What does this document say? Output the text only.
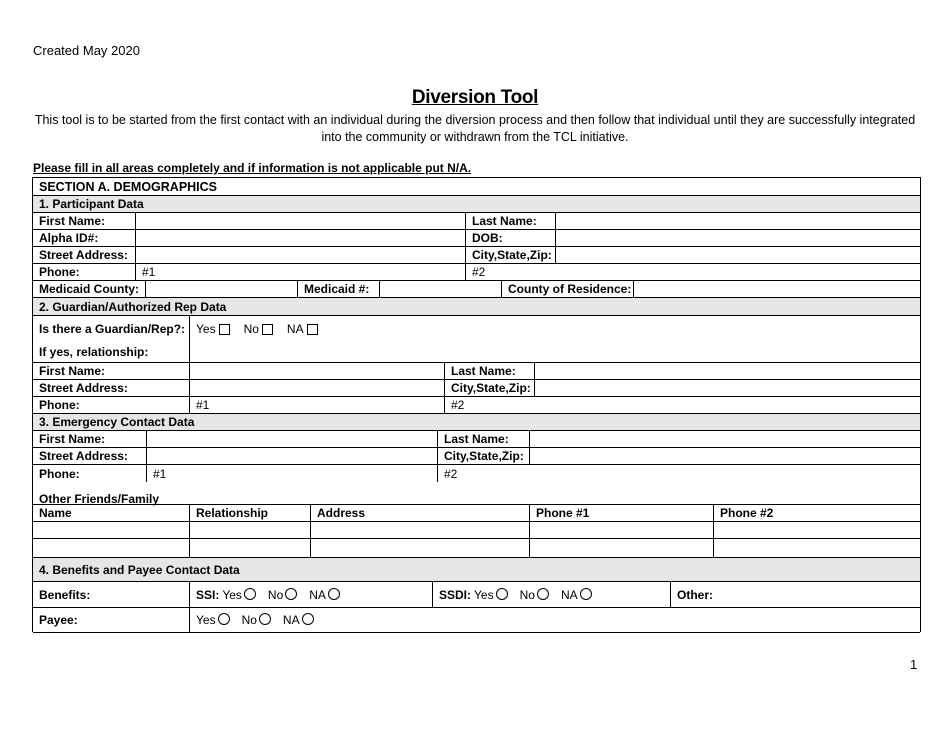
Created May 2020
Diversion Tool
This tool is to be started from the first contact with an individual during the diversion process and then follow that individual until they are successfully integrated into the community or withdrawn from the TCL initiative.
Please fill in all areas completely and if information is not applicable put N/A.
SECTION A. DEMOGRAPHICS
1. Participant Data
First Name:	Last Name:
Alpha ID#:	DOB:
Street Address:	City,State,Zip:
Phone:	#1	#2
Medicaid County:	Medicaid #:	County of Residence:
2. Guardian/Authorized Rep Data
Is there a Guardian/Rep?: Yes No NA
If yes, relationship:
First Name:	Last Name:
Street Address:	City,State,Zip:
Phone:	#1	#2
3. Emergency Contact Data
First Name:	Last Name:
Street Address:	City,State,Zip:
Phone:	#1	#2
Other Friends/Family
Name	Relationship	Address	Phone #1	Phone #2
4. Benefits and Payee Contact Data
Benefits:	SSI: Yes No NA	SSDI: Yes No NA	Other:
Payee:	Yes No NA
1
